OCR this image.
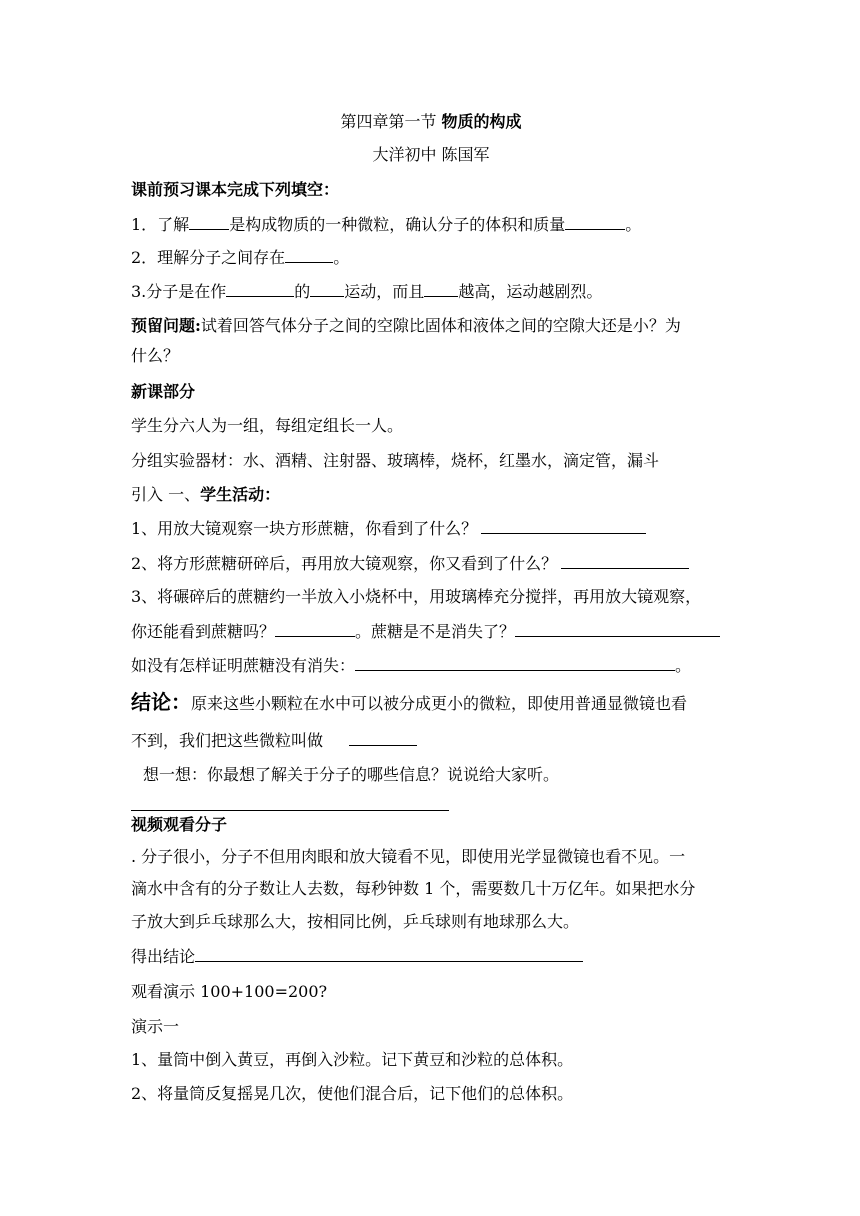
第四章第一节 物质的构成
大洋初中 陈国军
课前预习课本完成下列填空：
1．了解	是构成物质的一种微粒，确认分子的体积和质量	。
2．理解分子之间存在	。
3.分子是在作	的 运动，而且 越高，运动越剧烈。
预留问题:试着回答气体分子之间的空隙比固体和液体之间的空隙大还是小？为
什么？
新课部分
学生分六人为一组，每组定组长一人。
分组实验器材：水、酒精、注射器、玻璃棒，烧杯，红墨水，滴定管，漏斗
引入 一、学生活动：
1、用放大镜观察一块方形蔗糖，你看到了什么？
2、将方形蔗糖研碎后，再用放大镜观察，你又看到了什么？
3、将碾碎后的蔗糖约一半放入小烧杯中，用玻璃棒充分搅拌，再用放大镜观察，
你还能看到蔗糖吗？	。蔗糖是不是消失了？
如没有怎样证明蔗糖没有消失：	。
结论：原来这些小颗粒在水中可以被分成更小的微粒，即使用普通显微镜也看
不到，我们把这些微粒叫做
想一想：你最想了解关于分子的哪些信息？说说给大家听。
视频观看分子
. 分子很小，分子不但用肉眼和放大镜看不见，即使用光学显微镜也看不见。一
滴水中含有的分子数让人去数，每秒钟数 1 个，需要数几十万亿年。如果把水分
子放大到乒乓球那么大，按相同比例，乒乓球则有地球那么大。
得出结论
观看演示 100+100=200?
演示一
1、量筒中倒入黄豆，再倒入沙粒。记下黄豆和沙粒的总体积。
2、将量筒反复摇晃几次，使他们混合后，记下他们的总体积。
